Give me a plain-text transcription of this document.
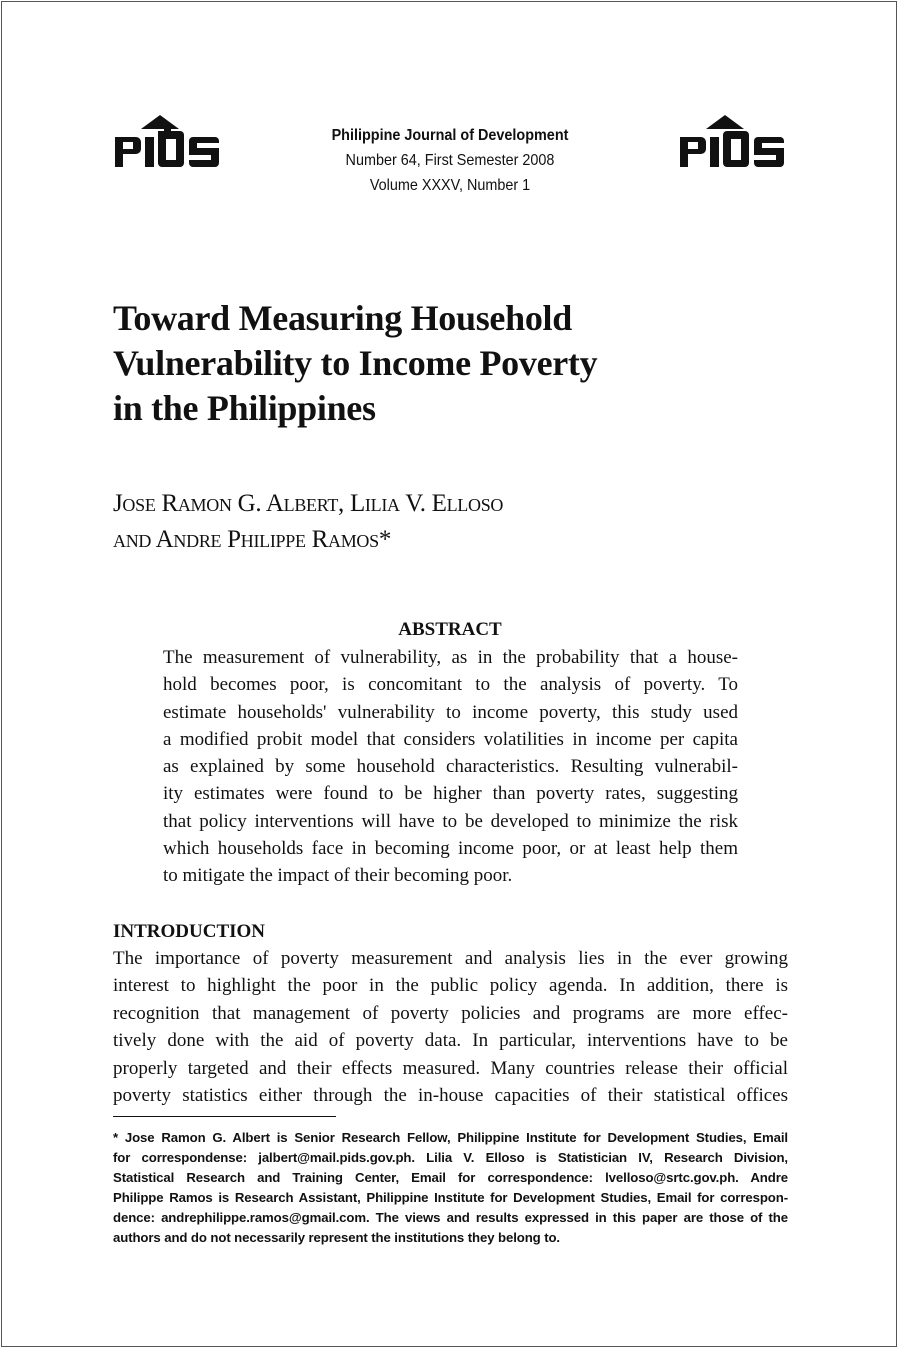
Philippine Journal of Development
Number 64, First Semester 2008
Volume XXXV, Number 1
Toward Measuring Household
Vulnerability to Income Poverty
in the Philippines
Jose Ramon G. Albert, Lilia V. Elloso
and Andre Philippe Ramos*
ABSTRACT
The measurement of vulnerability, as in the probability that a house-
hold becomes poor, is concomitant to the analysis of poverty. To
estimate households' vulnerability to income poverty, this study used
a modified probit model that considers volatilities in income per capita
as explained by some household characteristics. Resulting vulnerabil-
ity estimates were found to be higher than poverty rates, suggesting
that policy interventions will have to be developed to minimize the risk
which households face in becoming income poor, or at least help them
to mitigate the impact of their becoming poor.
INTRODUCTION
The importance of poverty measurement and analysis lies in the ever growing
interest to highlight the poor in the public policy agenda. In addition, there is
recognition that management of poverty policies and programs are more effec-
tively done with the aid of poverty data. In particular, interventions have to be
properly targeted and their effects measured. Many countries release their official
poverty statistics either through the in-house capacities of their statistical offices
* Jose Ramon G. Albert is Senior Research Fellow, Philippine Institute for Development Studies, Email
for correspondense: jalbert@mail.pids.gov.ph. Lilia V. Elloso is Statistician IV, Research Division,
Statistical Research and Training Center, Email for correspondence: lvelloso@srtc.gov.ph. Andre
Philippe Ramos is Research Assistant, Philippine Institute for Development Studies, Email for correspon-
dence: andrephilippe.ramos@gmail.com. The views and results expressed in this paper are those of the
authors and do not necessarily represent the institutions they belong to.
